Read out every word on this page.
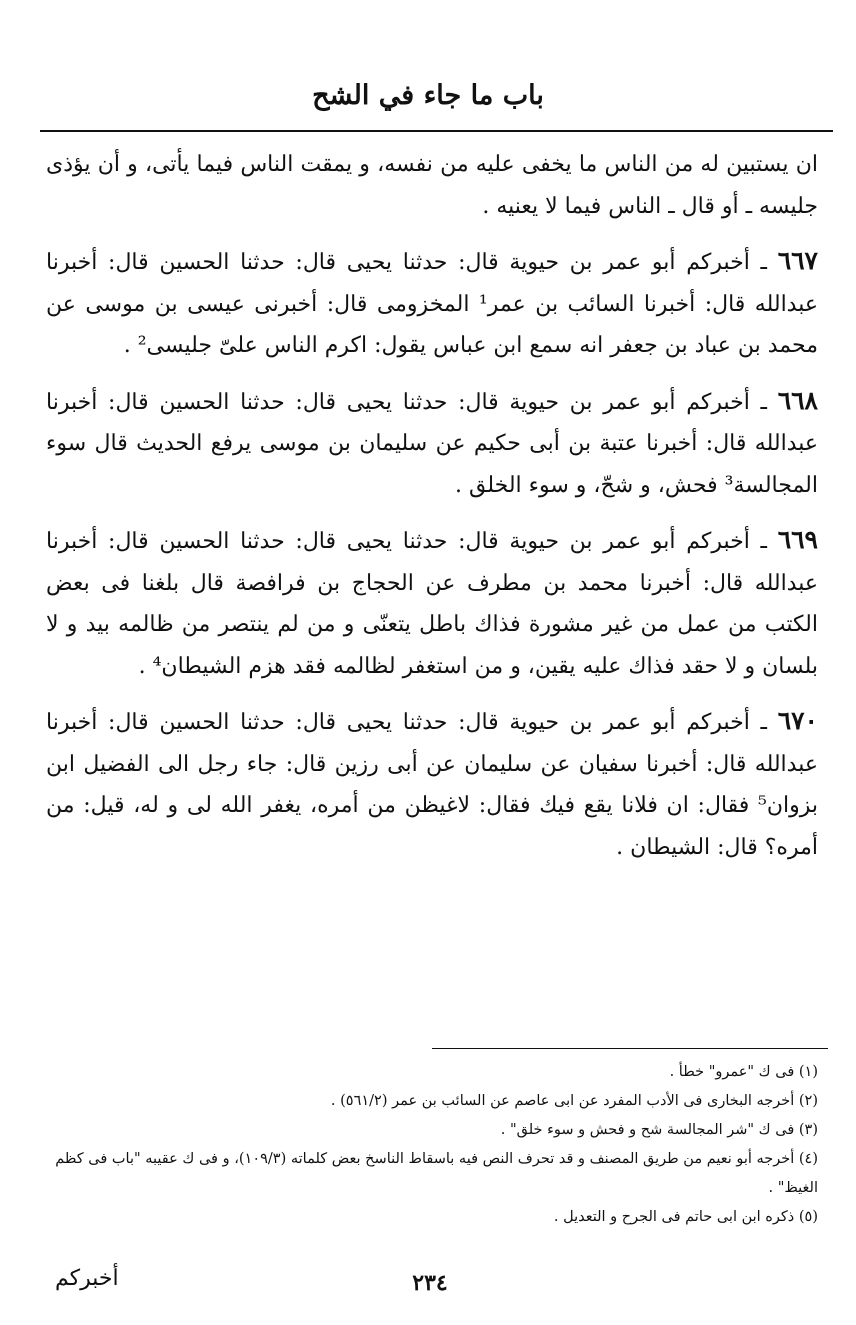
باب ما جاء في الشح

ان يستبين له من الناس ما يخفى عليه من نفسه، و يمقت الناس فيما يأتى، و أن يؤذى جليسه ـ أو قال ـ الناس فيما لا يعنيه .

٦٦٧ ـ أخبركم أبو عمر بن حيوية قال: حدثنا يحيى قال: حدثنا الحسين قال: أخبرنا عبدالله قال: أخبرنا السائب بن عمر¹ المخزومى قال: أخبرنى عيسى بن موسى عن محمد بن عباد بن جعفر انه سمع ابن عباس يقول: اكرم الناس علىّ جليسى² .

٦٦٨ ـ أخبركم أبو عمر بن حيوية قال: حدثنا يحيى قال: حدثنا الحسين قال: أخبرنا عبدالله قال: أخبرنا عتبة بن أبى حكيم عن سليمان بن موسى يرفع الحديث قال سوء المجالسة³ فحش، و شحّ، و سوء الخلق .

٦٦٩ ـ أخبركم أبو عمر بن حيوية قال: حدثنا يحيى قال: حدثنا الحسين قال: أخبرنا عبدالله قال: أخبرنا محمد بن مطرف عن الحجاج بن فرافصة قال بلغنا فى بعض الكتب من عمل من غير مشورة فذاك باطل يتعنّى و من لم ينتصر من ظالمه بيد و لا بلسان و لا حقد فذاك عليه يقين، و من استغفر لظالمه فقد هزم الشيطان⁴ .

٦٧٠ ـ أخبركم أبو عمر بن حيوية قال: حدثنا يحيى قال: حدثنا الحسين قال: أخبرنا عبدالله قال: أخبرنا سفيان عن سليمان عن أبى رزين قال: جاء رجل الى الفضيل ابن بزوان⁵ فقال: ان فلانا يقع فيك فقال: لاغيظن من أمره، يغفر الله لى و له، قيل: من أمره؟ قال: الشيطان .

(١) فى ك "عمرو" خطأ .

(٢) أخرجه البخارى فى الأدب المفرد عن ابى عاصم عن السائب بن عمر (٥٦١/٢) .

(٣) فى ك "شر المجالسة شح و فحش و سوء خلق" .

(٤) أخرجه أبو نعيم من طريق المصنف و قد تحرف النص فيه باسقاط الناسخ بعض كلماته (١٠٩/٣)، و فى ك عقيبه "باب فى كظم الغيظ" .

(٥) ذكره ابن ابى حاتم فى الجرح و التعديل .

٢٣٤
أخبركم
